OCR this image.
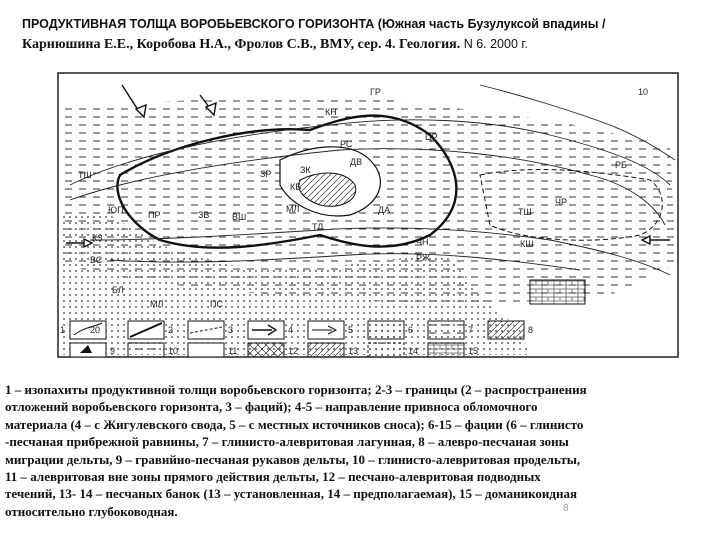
ПРОДУКТИВНАЯ ТОЛЩА ВОРОБЬЕВСКОГО ГОРИЗОНТА (Южная часть Бузулуксой впадины /
Карнюшина Е.Е., Коробова Н.А., Фролов С.В., ВМУ, сер. 4. Геология. N 6. 2000 г.
ГР
КН
ЦР
РС
10
ДВ	РБ
ЗР	ЗК
КБ
ТШ
ПР	ЗВ	ВШ
МЛ
ТЛ
ДА
ЧР
ТШ
ЮП
КЗ
ВС
ЧН
РЖ
КШ
БЛ
МЛ	ПС
20
1	2	3	4	5	6	7	8
9	10	11	12	13	14	15
1 – изопахиты продуктивной толщи воробьевского горизонта; 2-3 – границы (2 – распространения
отложений воробьевского горизонта, 3 – фаций); 4-5 – направление привноса обломочного
материала (4 – с Жигулевского свода, 5 – с местных источников сноса); 6-15 – фации (6 – глинисто
-песчаная прибрежной равнины, 7 – глинисто-алевритовая лагунная, 8 – алевро-песчаная зоны
миграции дельты, 9 – гравийно-песчаная рукавов дельты, 10 – глинисто-алевритовая продельты,
11 – алевритовая вне зоны прямого действия дельты, 12 – песчано-алевритовая подводных
течений, 13- 14 – песчаных банок (13 – установленная, 14 – предполагаемая), 15 – доманикоидная
относительно глубоководная.	8
